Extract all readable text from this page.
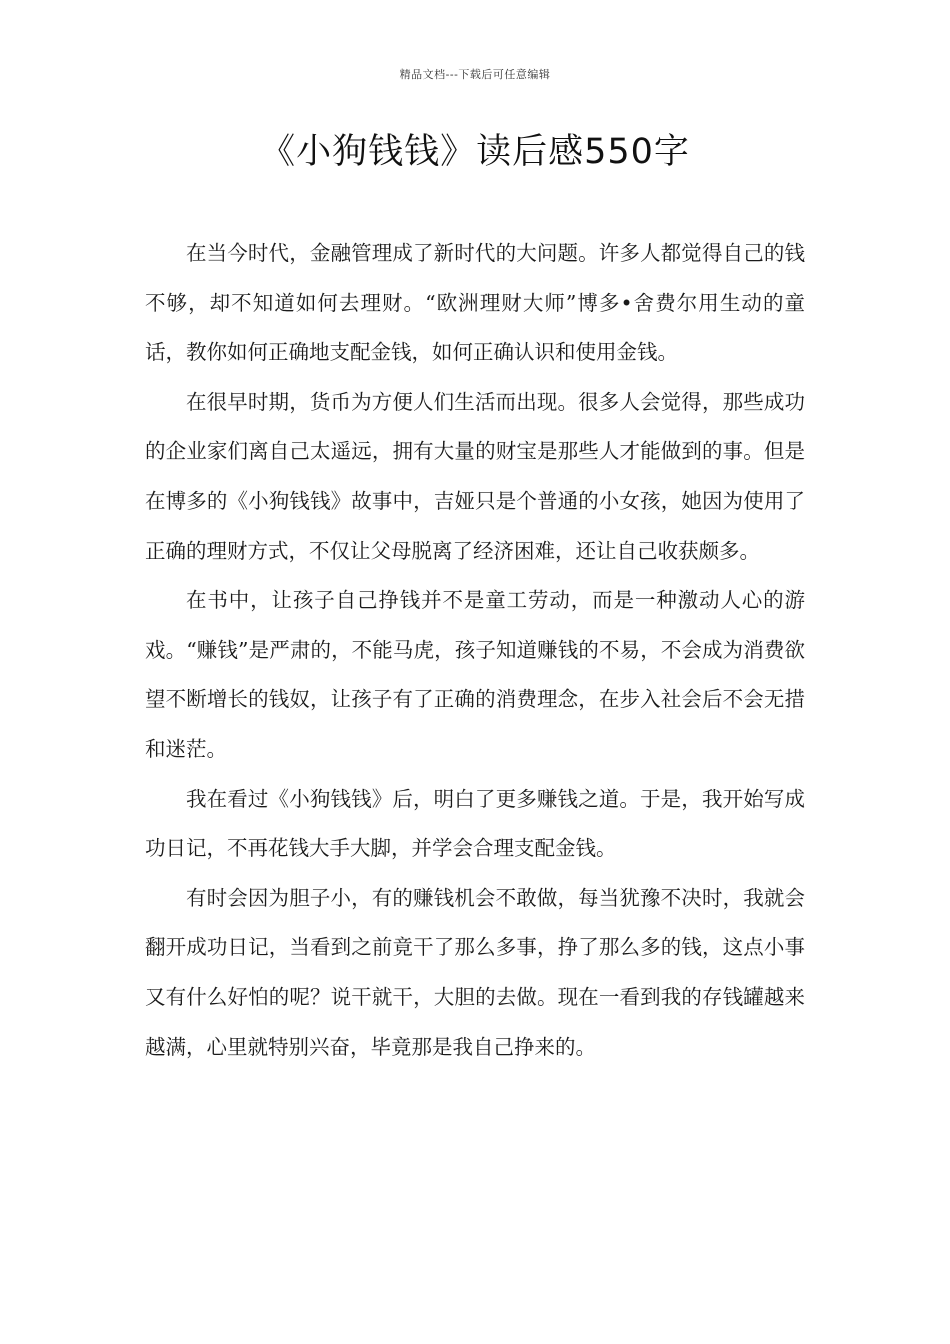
精品文档---下载后可任意编辑
《小狗钱钱》读后感550字

在当今时代，金融管理成了新时代的大问题。许多人都觉得自己的钱不够，却不知道如何去理财。“欧洲理财大师”博多•舍费尔用生动的童话，教你如何正确地支配金钱，如何正确认识和使用金钱。

在很早时期，货币为方便人们生活而出现。很多人会觉得，那些成功的企业家们离自己太遥远，拥有大量的财宝是那些人才能做到的事。但是在博多的《小狗钱钱》故事中，吉娅只是个普通的小女孩，她因为使用了正确的理财方式，不仅让父母脱离了经济困难，还让自己收获颇多。

在书中，让孩子自己挣钱并不是童工劳动，而是一种激动人心的游戏。“赚钱”是严肃的，不能马虎，孩子知道赚钱的不易，不会成为消费欲望不断增长的钱奴，让孩子有了正确的消费理念，在步入社会后不会无措和迷茫。

我在看过《小狗钱钱》后，明白了更多赚钱之道。于是，我开始写成功日记，不再花钱大手大脚，并学会合理支配金钱。

有时会因为胆子小，有的赚钱机会不敢做，每当犹豫不决时，我就会翻开成功日记，当看到之前竟干了那么多事，挣了那么多的钱，这点小事又有什么好怕的呢？说干就干，大胆的去做。现在一看到我的存钱罐越来越满，心里就特别兴奋，毕竟那是我自己挣来的。
